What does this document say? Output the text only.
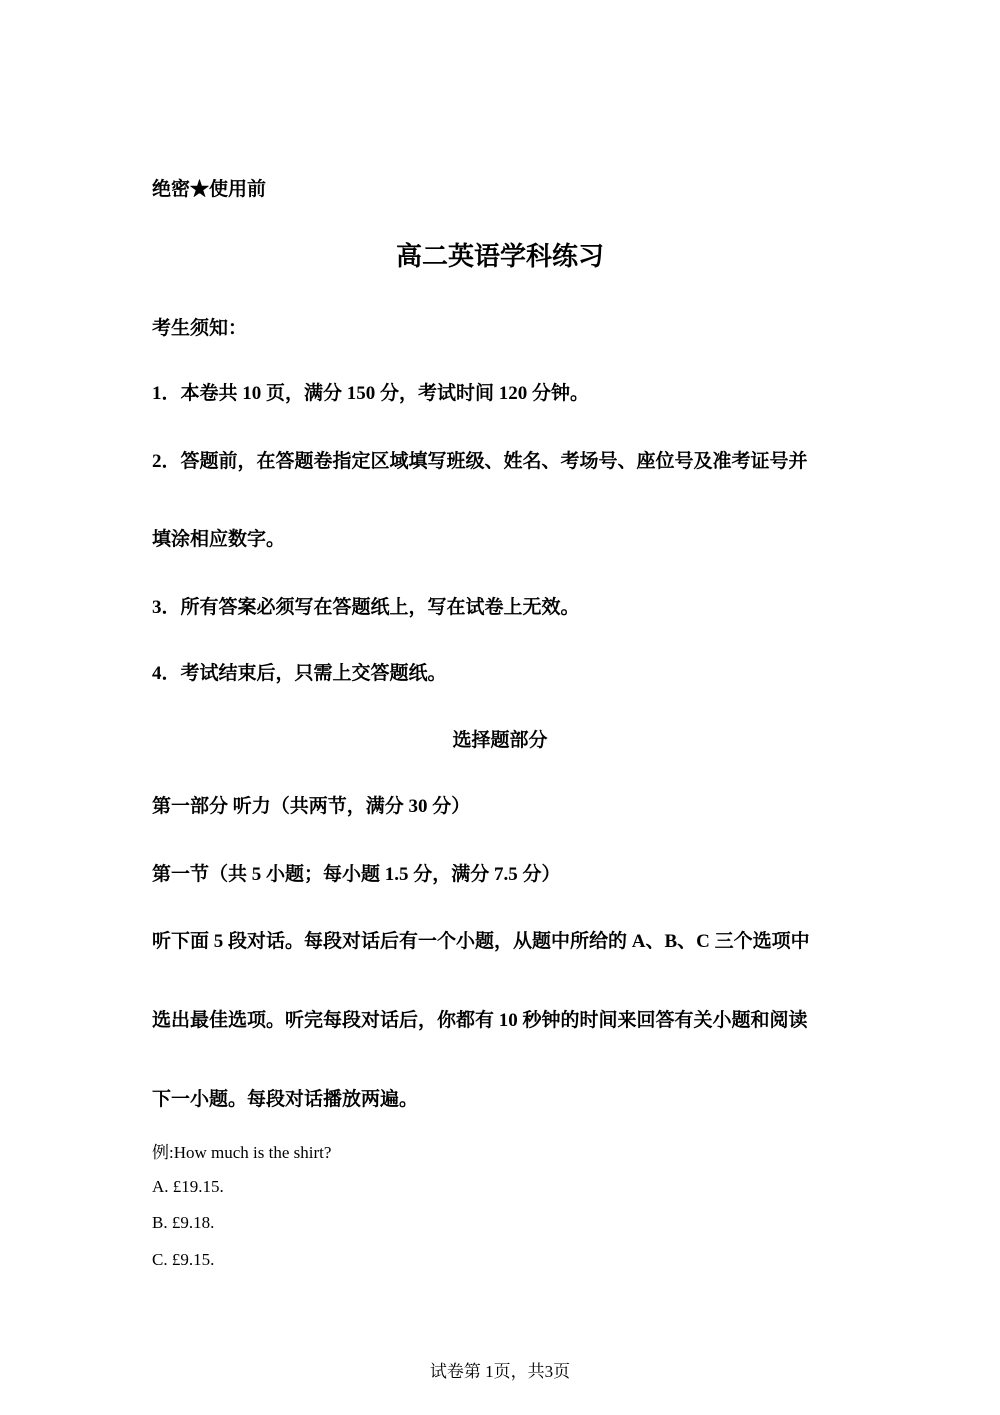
绝密★使用前
高二英语学科练习
考生须知：
1．本卷共 10 页，满分 150 分，考试时间 120 分钟。
2．答题前，在答题卷指定区域填写班级、姓名、考场号、座位号及准考证号并
填涂相应数字。
3．所有答案必须写在答题纸上，写在试卷上无效。
4．考试结束后，只需上交答题纸。
选择题部分
第一部分 听力（共两节，满分 30 分）
第一节（共 5 小题；每小题 1.5 分，满分 7.5 分）
听下面 5 段对话。每段对话后有一个小题，从题中所给的 A、B、C 三个选项中
选出最佳选项。听完每段对话后，你都有 10 秒钟的时间来回答有关小题和阅读
下一小题。每段对话播放两遍。
例:How much is the shirt?
A. £19.15.
B. £9.18.
C. £9.15.
试卷第 1页，共3页
